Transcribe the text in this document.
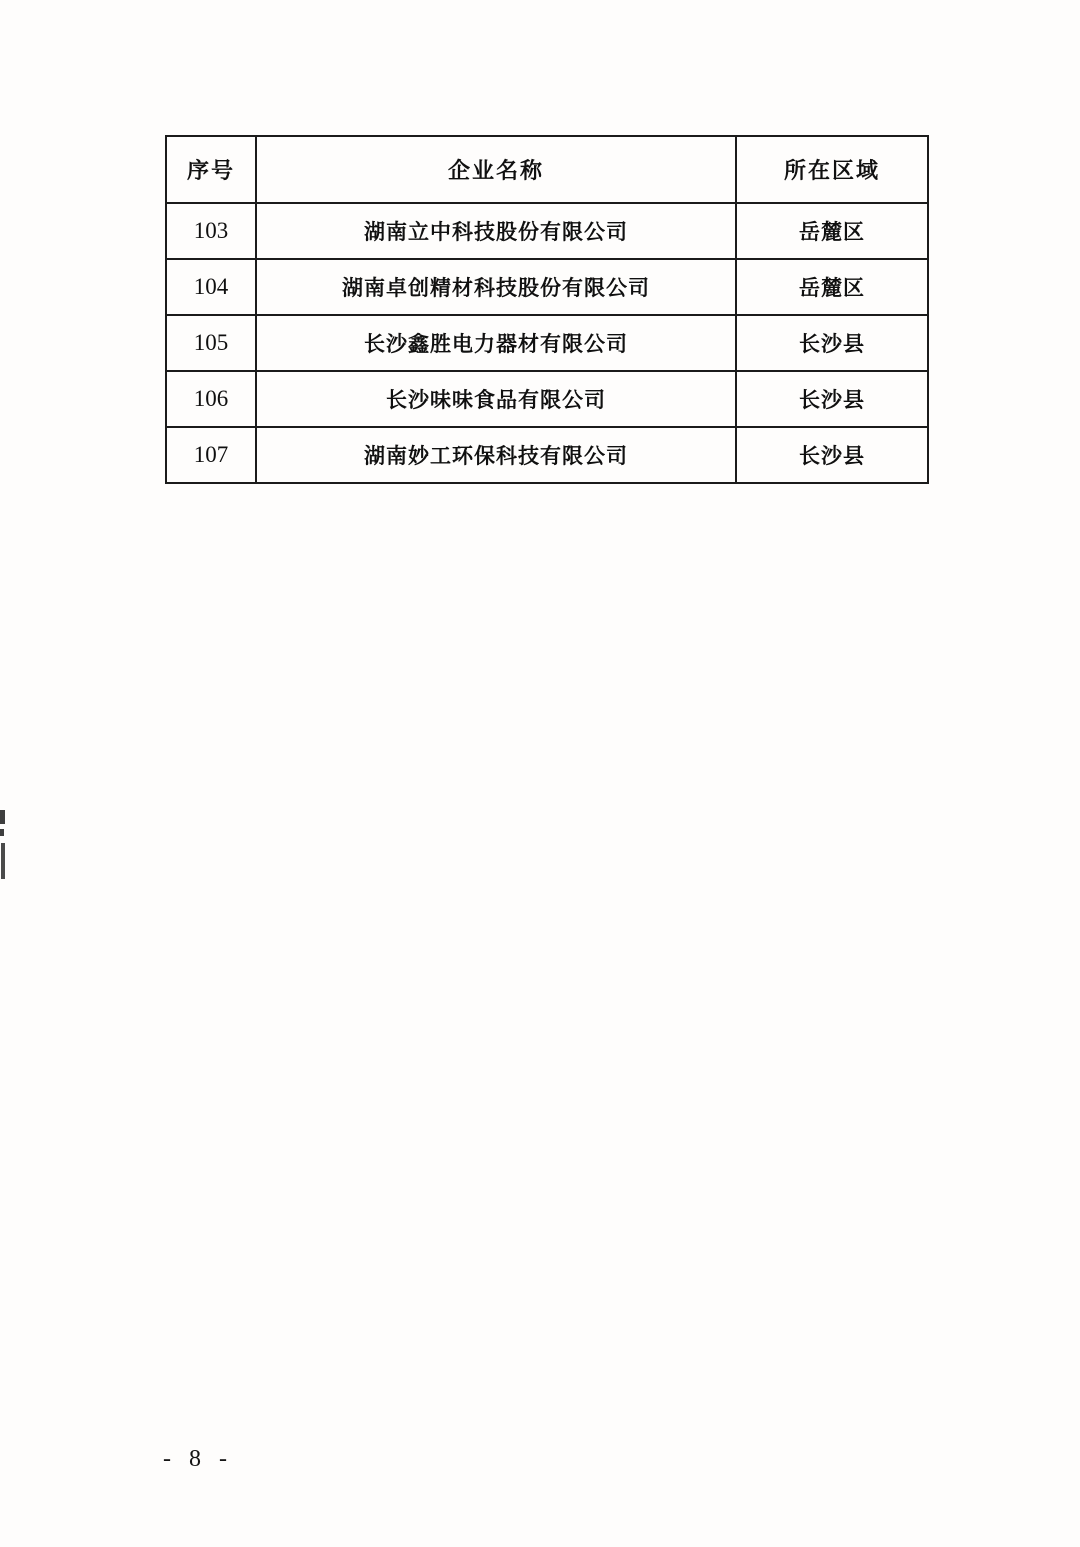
序号	企业名称	所在区域
103	湖南立中科技股份有限公司	岳麓区
104	湖南卓创精材科技股份有限公司	岳麓区
105	长沙鑫胜电力器材有限公司	长沙县
106	长沙味味食品有限公司	长沙县
107	湖南妙工环保科技有限公司	长沙县
- 8 -
